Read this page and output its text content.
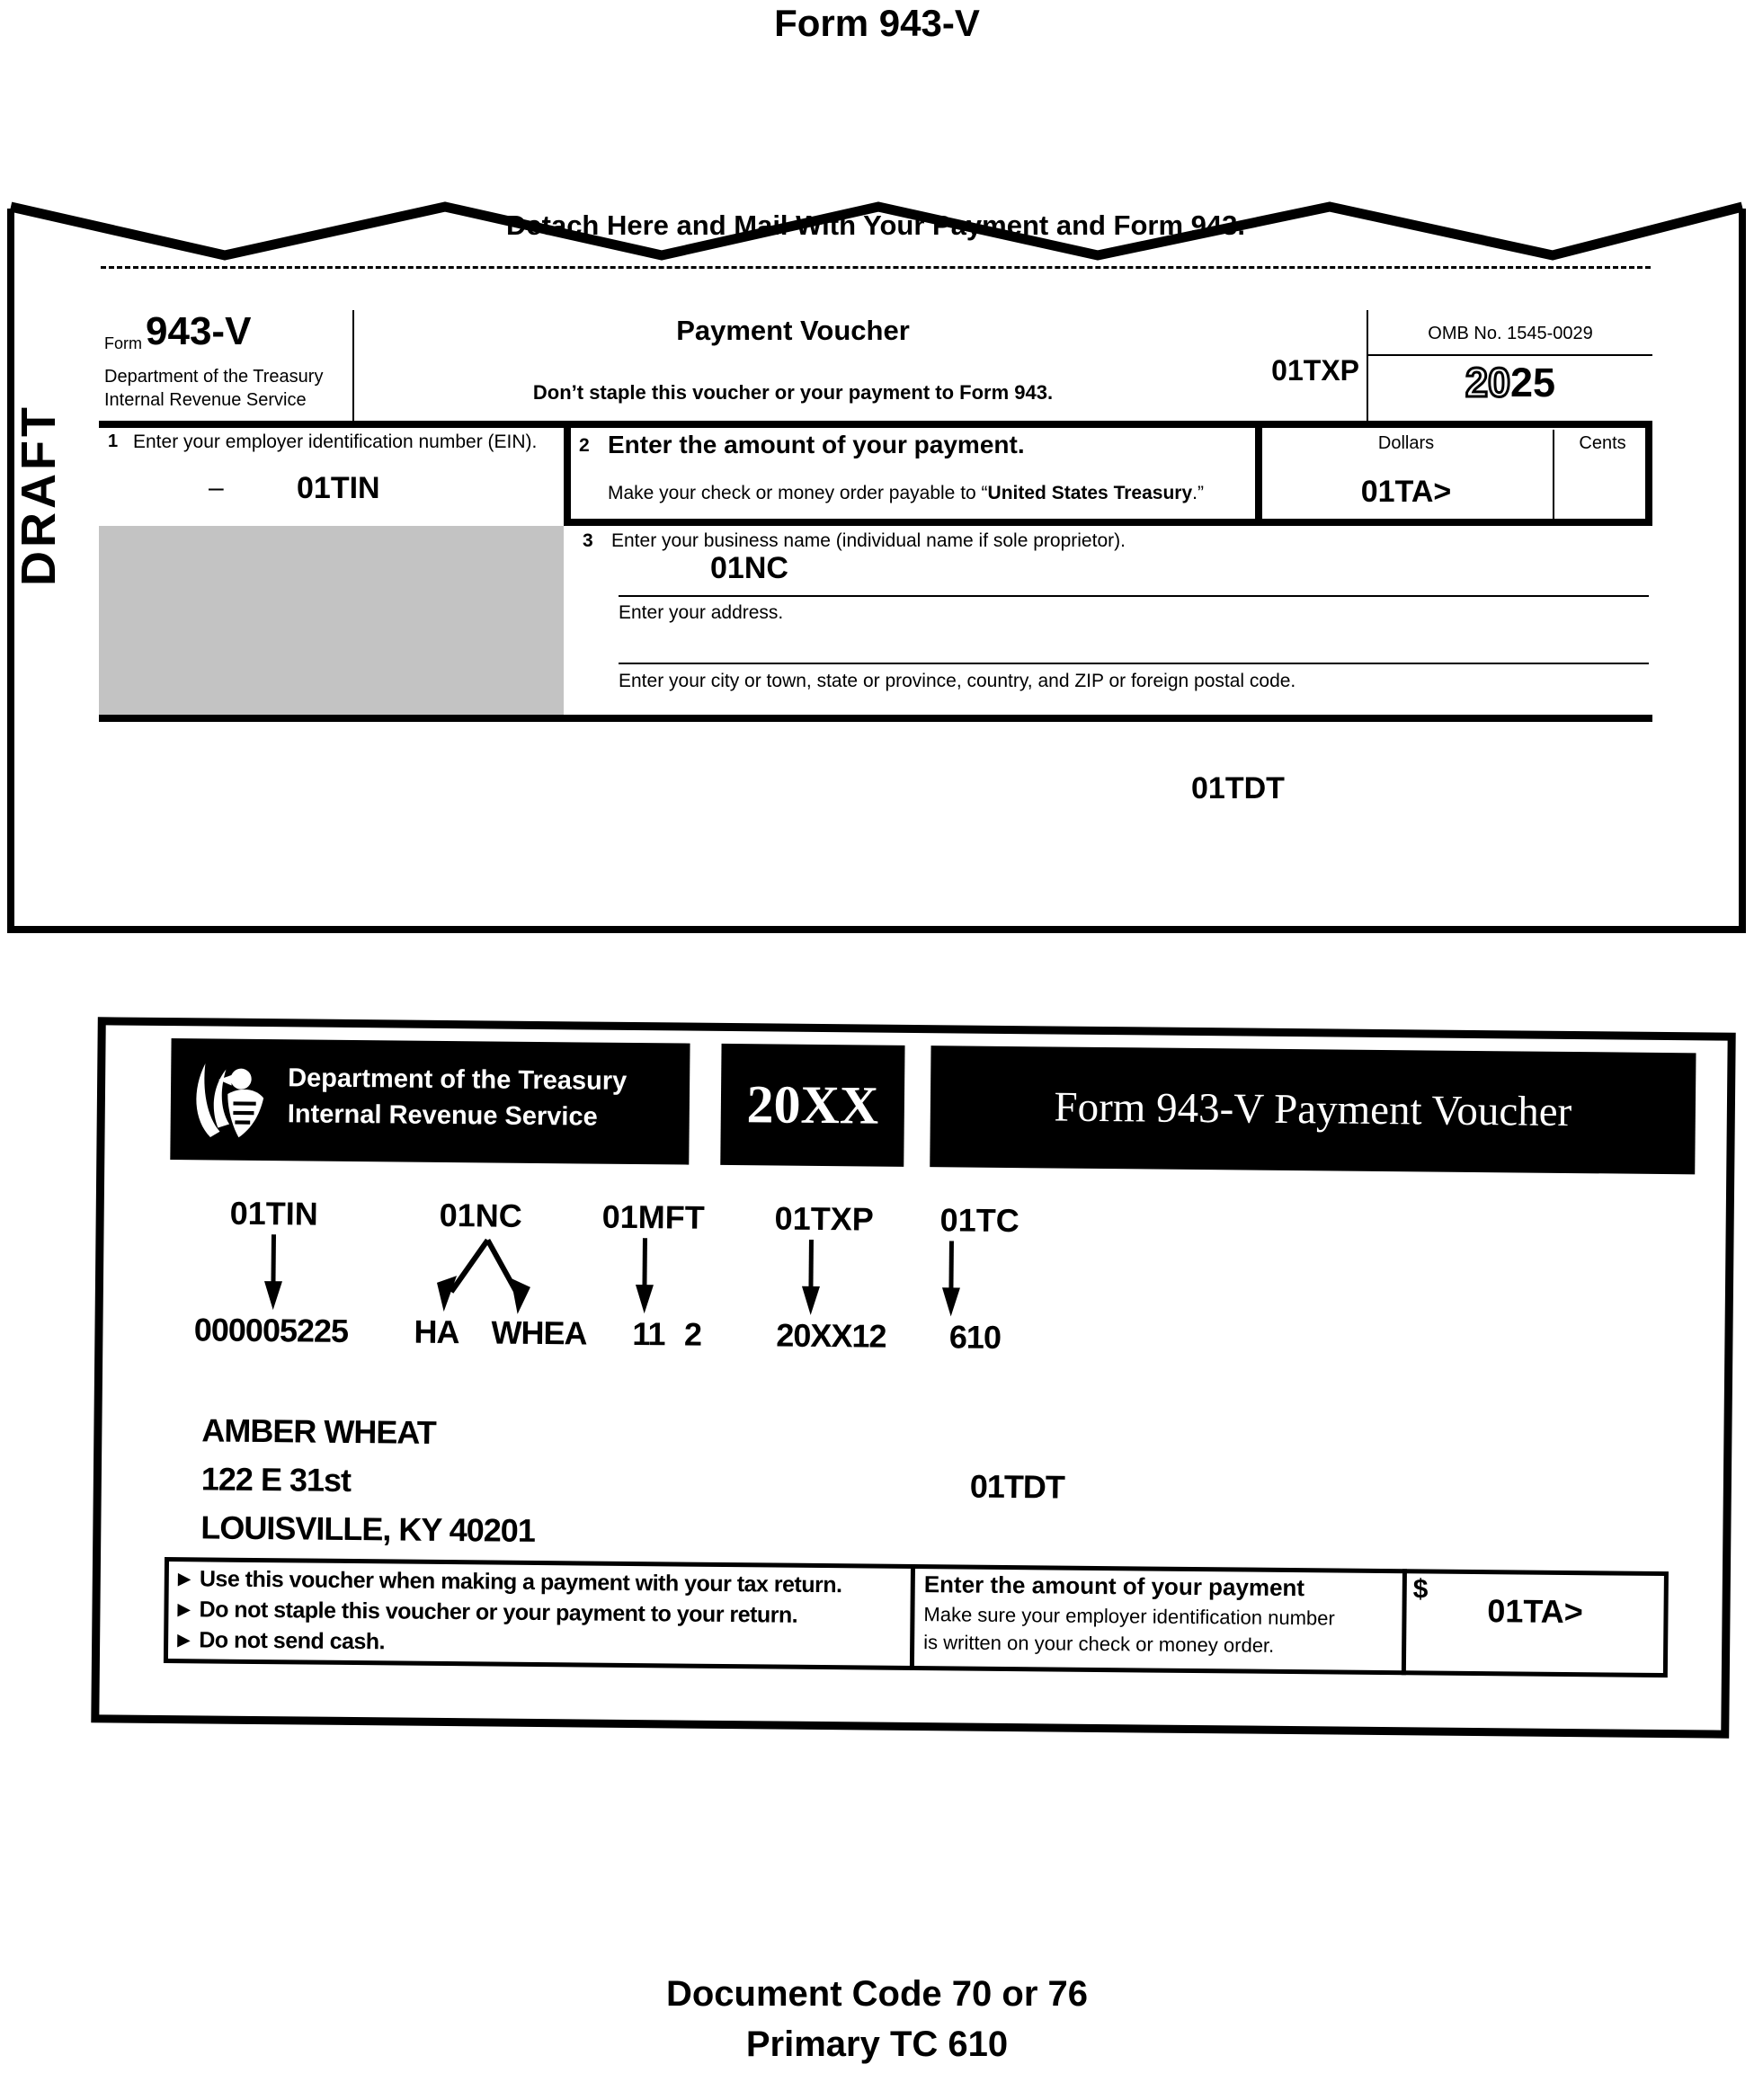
Form 943-V
DRAFT
Detach Here and Mail With Your Payment and Form 943.
Form 943-V
Department of the Treasury
Internal Revenue Service
Payment Voucher
Don’t staple this voucher or your payment to Form 943.
01TXP
OMB No. 1545-0029
2025
1 Enter your employer identification number (EIN).
– 01TIN
2 Enter the amount of your payment.
Make your check or money order payable to “United States Treasury.”
Dollars	Cents
01TA>
3 Enter your business name (individual name if sole proprietor).
01NC
Enter your address.
Enter your city or town, state or province, country, and ZIP or foreign postal code.
01TDT
Department of the Treasury
Internal Revenue Service	20XX	Form 943-V Payment Voucher
01TIN	01NC	01MFT	01TXP	01TC
000005225	HA WHEA	11 2	20XX12	610
AMBER WHEAT
122 E 31st
LOUISVILLE, KY 40201
01TDT
▶ Use this voucher when making a payment with your tax return.
▶ Do not staple this voucher or your payment to your return.
▶ Do not send cash.
Enter the amount of your payment
Make sure your employer identification number
is written on your check or money order.
$
01TA>
Document Code 70 or 76
Primary TC 610
